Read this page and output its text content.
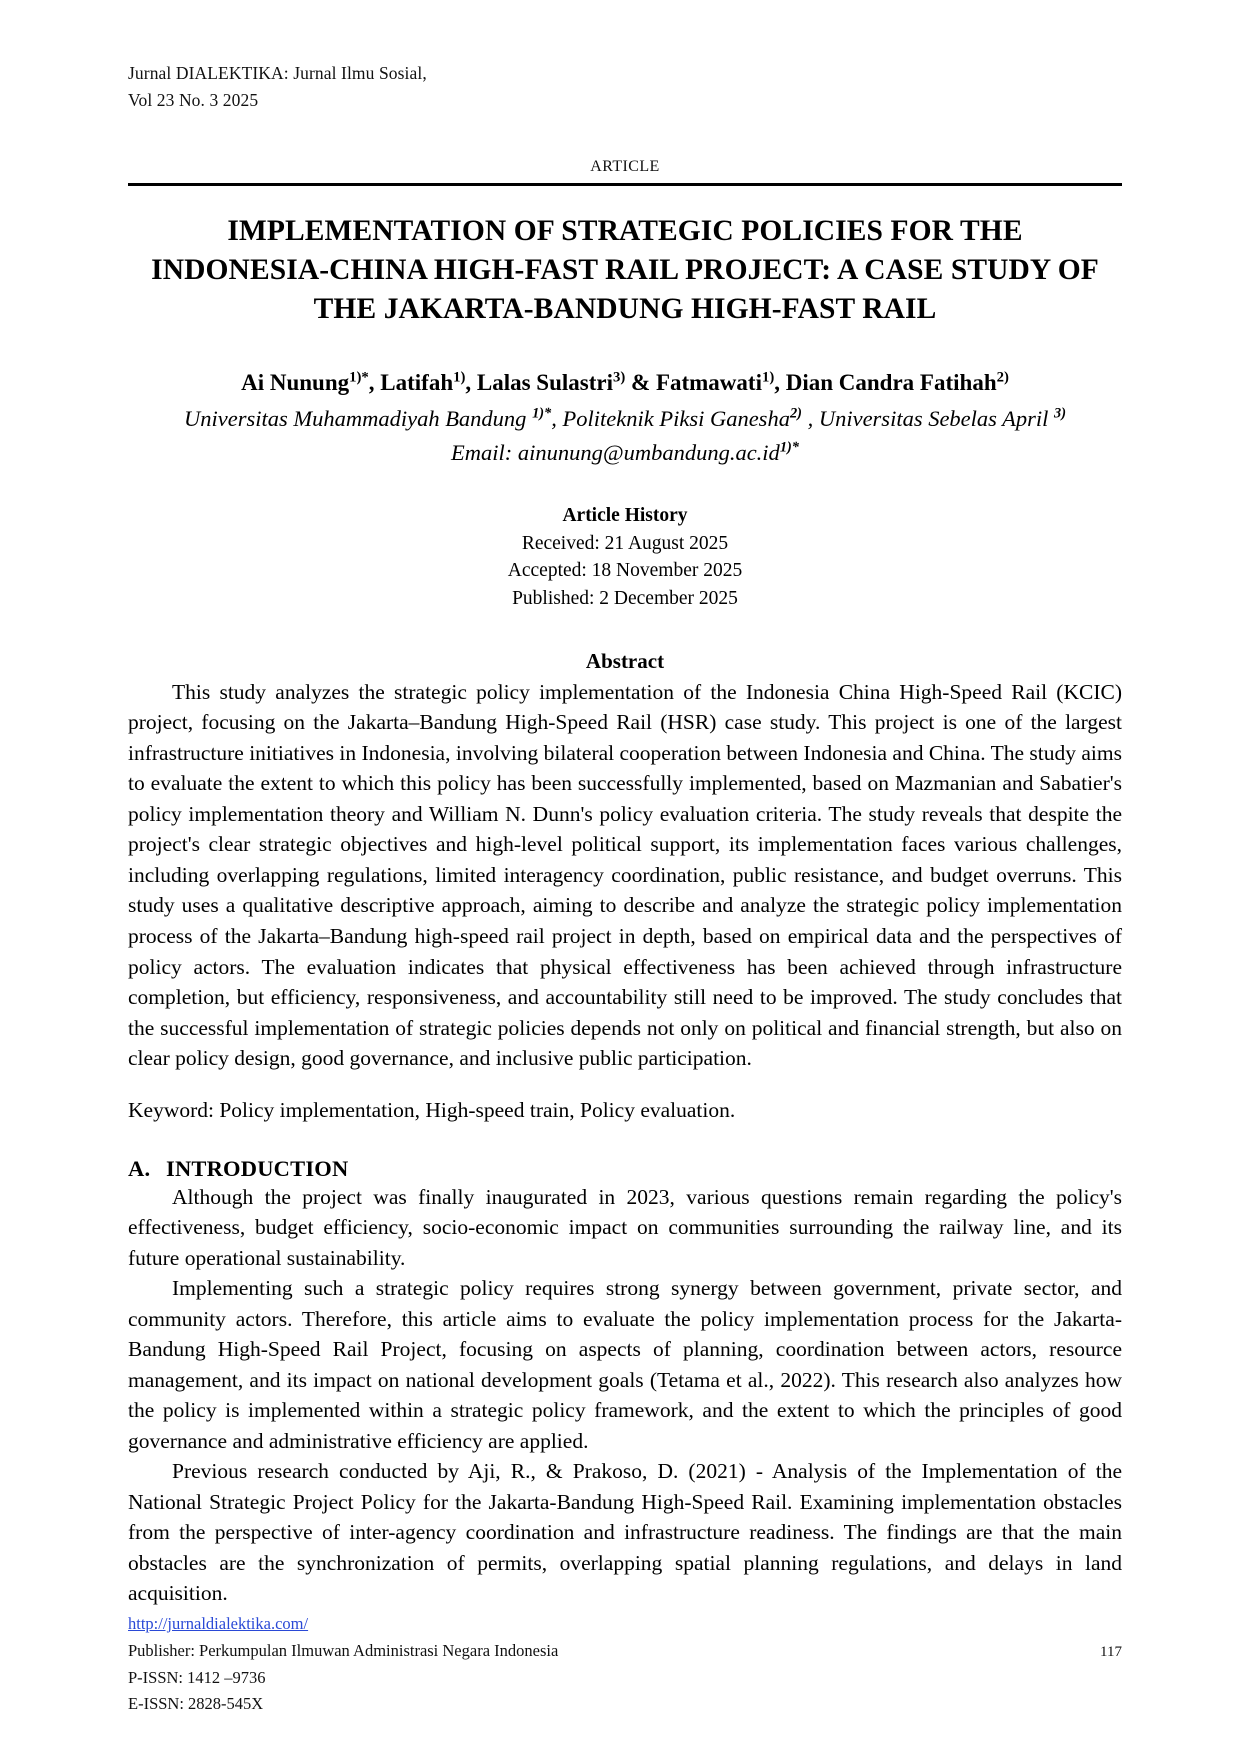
Jurnal DIALEKTIKA: Jurnal Ilmu Sosial,
Vol 23 No. 3 2025
ARTICLE
IMPLEMENTATION OF STRATEGIC POLICIES FOR THE
INDONESIA-CHINA HIGH-FAST RAIL PROJECT: A CASE STUDY OF
THE JAKARTA-BANDUNG HIGH-FAST RAIL
Ai Nunung$^{1)*}$, Latifah$^{1)}$, Lalas Sulastri$^{3)}$ & Fatmawati$^{1)}$, Dian Candra Fatihah$^{2)}$
Universitas Muhammadiyah Bandung $^{1)*}$, Politeknik Piksi Ganesha$^{2)}$ , Universitas Sebelas April $^{3)}$
Email: $ainunung@umbandung.ac.id^{1)*}$
Article History
Received: 21 August 2025
Accepted: 18 November 2025
Published: 2 December 2025
Abstract

This study analyzes the strategic policy implementation of the Indonesia China High-Speed Rail (KCIC) project, focusing on the Jakarta–Bandung High-Speed Rail (HSR) case study. This project is one of the largest infrastructure initiatives in Indonesia, involving bilateral cooperation between Indonesia and China. The study aims to evaluate the extent to which this policy has been successfully implemented, based on Mazmanian and Sabatier's policy implementation theory and William N. Dunn's policy evaluation criteria. The study reveals that despite the project's clear strategic objectives and high-level political support, its implementation faces various challenges, including overlapping regulations, limited interagency coordination, public resistance, and budget overruns. This study uses a qualitative descriptive approach, aiming to describe and analyze the strategic policy implementation process of the Jakarta–Bandung high-speed rail project in depth, based on empirical data and the perspectives of policy actors. The evaluation indicates that physical effectiveness has been achieved through infrastructure completion, but efficiency, responsiveness, and accountability still need to be improved. The study concludes that the successful implementation of strategic policies depends not only on political and financial strength, but also on clear policy design, good governance, and inclusive public participation.

Keyword: Policy implementation, High-speed train, Policy evaluation.

A. INTRODUCTION

Although the project was finally inaugurated in 2023, various questions remain regarding the policy's effectiveness, budget efficiency, socio-economic impact on communities surrounding the railway line, and its future operational sustainability.

Implementing such a strategic policy requires strong synergy between government, private sector, and community actors. Therefore, this article aims to evaluate the policy implementation process for the Jakarta-Bandung High-Speed Rail Project, focusing on aspects of planning, coordination between actors, resource management, and its impact on national development goals (Tetama et al., 2022). This research also analyzes how the policy is implemented within a strategic policy framework, and the extent to which the principles of good governance and administrative efficiency are applied.

Previous research conducted by Aji, R., & Prakoso, D. (2021) - Analysis of the Implementation of the National Strategic Project Policy for the Jakarta-Bandung High-Speed Rail. Examining implementation obstacles from the perspective of inter-agency coordination and infrastructure readiness. The findings are that the main obstacles are the synchronization of permits, overlapping spatial planning regulations, and delays in land acquisition.

http://jurnaldialektika.com/
Publisher: Perkumpulan Ilmuwan Administrasi Negara Indonesia	117
P-ISSN: 1412 –9736
E-ISSN: 2828-545X
